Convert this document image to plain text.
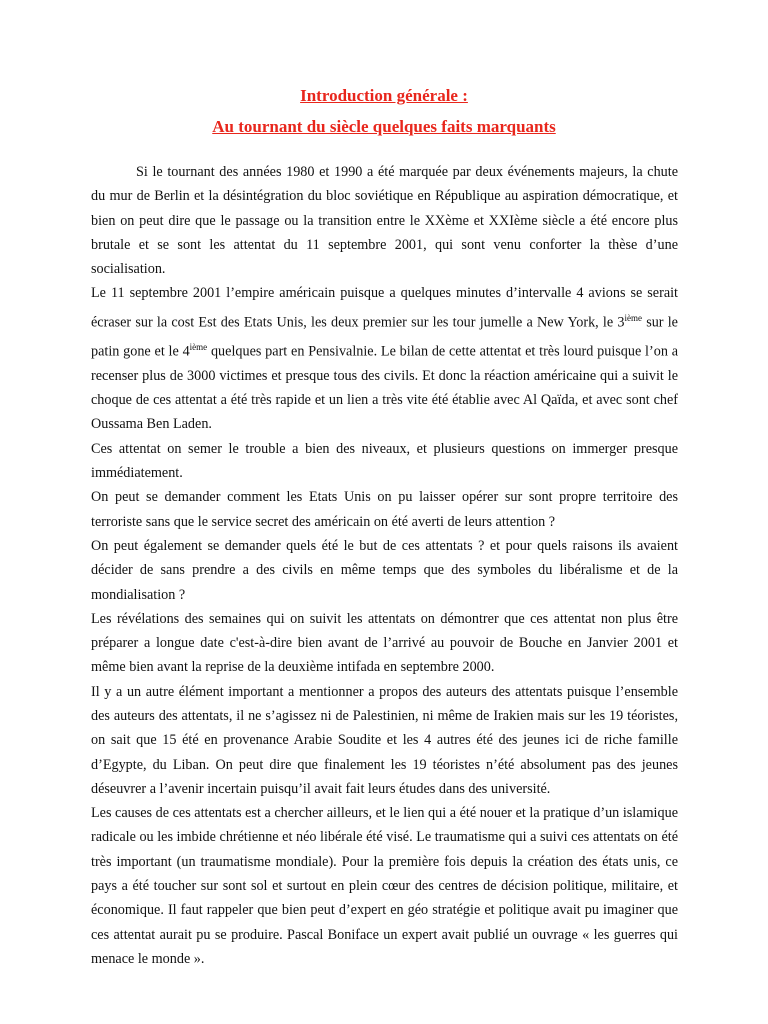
Introduction générale :

Au tournant du siècle quelques faits marquants

Si le tournant des années 1980 et 1990 a été marquée par deux événements majeurs, la chute du mur de Berlin et la désintégration du bloc soviétique en République au aspiration démocratique, et bien on peut dire que le passage ou la transition entre le XXème et XXIème siècle a été encore plus brutale et se sont les attentat du 11 septembre 2001, qui sont venu conforter la thèse d’une socialisation.

Le 11 septembre 2001 l’empire américain puisque a quelques minutes d’intervalle 4 avions se serait écraser sur la cost Est des Etats Unis, les deux premier sur les tour jumelle a New York, le 3ième sur le patin gone et le 4ième quelques part en Pensivalnie. Le bilan de cette attentat et très lourd puisque l’on a recenser plus de 3000 victimes et presque tous des civils. Et donc la réaction américaine qui a suivit le choque de ces attentat a été très rapide et un lien a très vite été établie avec Al Qaïda, et avec sont chef Oussama Ben Laden.

Ces attentat on semer le trouble a bien des niveaux, et plusieurs questions on immerger presque immédiatement.

On peut se demander comment les Etats Unis on pu laisser opérer sur sont propre territoire des terroriste sans que le service secret des américain on été averti de leurs attention ?

On peut également se demander quels été le but de ces attentats ? et pour quels raisons ils avaient décider de sans prendre a des civils en même temps que des symboles du libéralisme et de la mondialisation ?

Les révélations des semaines qui on suivit les attentats on démontrer que ces attentat non plus être préparer a longue date c'est-à-dire bien avant de l’arrivé au pouvoir de Bouche en Janvier 2001 et même bien avant la reprise de la deuxième intifada en septembre 2000.

Il y a un autre élément important a mentionner a propos des auteurs des attentats puisque l’ensemble des auteurs des attentats, il ne s’agissez ni de Palestinien, ni même de Irakien mais sur les 19 téoristes, on sait que 15 été en provenance Arabie Soudite et les 4 autres été des jeunes ici de riche famille d’Egypte, du Liban. On peut dire que finalement les 19 téoristes n’été absolument pas des jeunes déseuvrer a l’avenir incertain puisqu’il avait fait leurs études dans des université.

Les causes de ces attentats est a chercher ailleurs, et le lien qui a été nouer et la pratique d’un islamique radicale ou les imbide chrétienne et néo libérale été visé. Le traumatisme qui a suivi ces attentats on été très important (un traumatisme mondiale). Pour la première fois depuis la création des états unis, ce pays a été toucher sur sont sol et surtout en plein cœur des centres de décision politique, militaire, et économique. Il faut rappeler que bien peut d’expert en géo stratégie et politique avait pu imaginer que ces attentat aurait pu se produire. Pascal Boniface un expert avait publié un ouvrage « les guerres qui menace le monde ».
